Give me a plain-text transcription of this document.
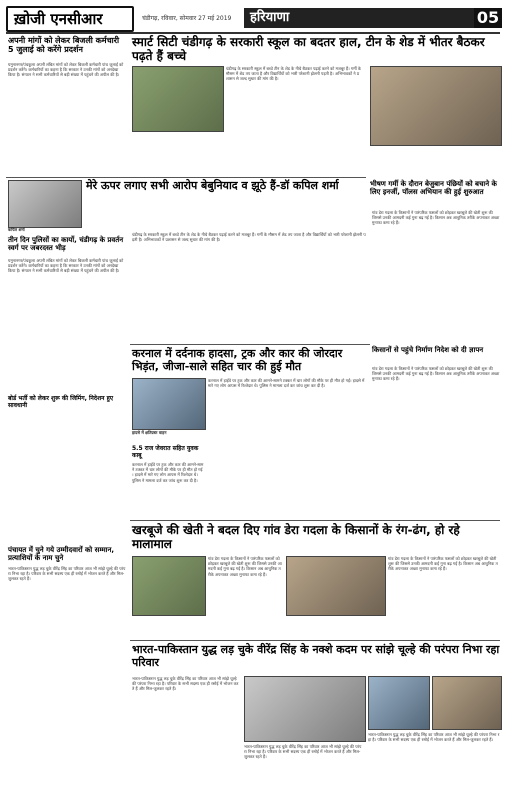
ख़ोजी एनसीआर	चंडीगढ़, रविवार, सोमवार 27 मई 2019	हरियाणा	05
अपनी मांगों को लेकर बिजली कर्मचारी 5 जुलाई को करेंगे प्रदर्शन
यमुनानगर/पंचकूला अपनी लंबित मांगों को लेकर बिजली कर्मचारी पांच जुलाई को प्रदर्शन करेंगे। कर्मचारियों का कहना है कि सरकार ने उनकी मांगों को अनदेखा किया है। संगठन ने सभी कर्मचारियों से बड़ी संख्या में पहुंचने की अपील की है।
स्मार्ट सिटी चंडीगढ़ के सरकारी स्कूल का बदतर हाल, टीन के शेड में भीतर बैठकर पढ़ते हैं बच्चे
चंडीगढ़ के सरकारी स्कूल में बच्चे टीन के शेड के नीचे बैठकर पढ़ाई करने को मजबूर हैं। गर्मी के मौसम में शेड तप जाता है और विद्यार्थियों को भारी परेशानी झेलनी पड़ती है। अभिभावकों ने प्रशासन से जल्द सुधार की मांग की है।
भीषण गर्मी के दौरान बेजुबान पंछियों को बचाने के लिए इनर्जी, पॉलस अभियान की हुई शुरुआत
मेरे ऊपर लगाए सभी आरोप बेबुनियाद व झूठे हैं-डॉ कपिल शर्मा
कपिल शर्मा
तीन दिन पुलिसों का कार्यो, चंडीगढ़ के प्रवर्तन स्वर्ग पर जबरदस्त भीड़
यमुनानगर/पंचकूला अपनी लंबित मांगों को लेकर बिजली कर्मचारी पांच जुलाई को प्रदर्शन करेंगे। कर्मचारियों का कहना है कि सरकार ने उनकी मांगों को अनदेखा किया है। संगठन ने सभी कर्मचारियों से बड़ी संख्या में पहुंचने की अपील की है।
चंडीगढ़ के सरकारी स्कूल में बच्चे टीन के शेड के नीचे बैठकर पढ़ाई करने को मजबूर हैं। गर्मी के मौसम में शेड तप जाता है और विद्यार्थियों को भारी परेशानी झेलनी पड़ती है। अभिभावकों ने प्रशासन से जल्द सुधार की मांग की है।
गांव डेरा गदला के किसानों ने पारंपरिक फसलों को छोड़कर खरबूजे की खेती शुरू की जिससे उनकी आमदनी कई गुना बढ़ गई है। किसान अब आधुनिक तरीके अपनाकर अच्छा मुनाफा कमा रहे हैं।
करनाल में दर्दनाक हादसा, ट्रक और कार की जोरदार भिड़ंत, जीजा-साले सहित चार की हुई मौत
हादसे में क्षतिग्रस्त वाहन
करनाल में हाईवे पर ट्रक और कार की आमने-सामने टक्कर में चार लोगों की मौके पर ही मौत हो गई। हादसे में मारे गए लोग आपस में रिश्तेदार थे। पुलिस ने मामला दर्ज कर जांच शुरू कर दी है।
किसानों से पहुंचे निर्माण निदेश को दी ज्ञापन
गांव डेरा गदला के किसानों ने पारंपरिक फसलों को छोड़कर खरबूजे की खेती शुरू की जिससे उनकी आमदनी कई गुना बढ़ गई है। किसान अब आधुनिक तरीके अपनाकर अच्छा मुनाफा कमा रहे हैं।
बोर्ड भर्ती को लेकर शुरू की जिमिंग, निदेशन हुए सावधानी
5.5 राज जेवरात सहित युवक काबू
करनाल में हाईवे पर ट्रक और कार की आमने-सामने टक्कर में चार लोगों की मौके पर ही मौत हो गई। हादसे में मारे गए लोग आपस में रिश्तेदार थे। पुलिस ने मामला दर्ज कर जांच शुरू कर दी है।
खरबूजे की खेती ने बदल दिए गांव डेरा गदला के किसानों के रंग-ढंग, हो रहे मालामाल
गांव डेरा गदला के किसानों ने पारंपरिक फसलों को छोड़कर खरबूजे की खेती शुरू की जिससे उनकी आमदनी कई गुना बढ़ गई है। किसान अब आधुनिक तरीके अपनाकर अच्छा मुनाफा कमा रहे हैं।
गांव डेरा गदला के किसानों ने पारंपरिक फसलों को छोड़कर खरबूजे की खेती शुरू की जिससे उनकी आमदनी कई गुना बढ़ गई है। किसान अब आधुनिक तरीके अपनाकर अच्छा मुनाफा कमा रहे हैं।
पंचायत में चुने गये उम्मीदवारों को सम्मान, प्रत्याशियों के नाम चुने
भारत-पाकिस्तान युद्ध लड़ चुके वीरेंद्र सिंह का परिवार आज भी सांझे चूल्हे की परंपरा निभा रहा है। परिवार के सभी सदस्य एक ही रसोई में भोजन करते हैं और मिल-जुलकर रहते हैं।
भारत-पाकिस्तान युद्ध लड़ चुके वीरेंद्र सिंह के नक्शे कदम पर सांझे चूल्हे की परंपरा निभा रहा परिवार
भारत-पाकिस्तान युद्ध लड़ चुके वीरेंद्र सिंह का परिवार आज भी सांझे चूल्हे की परंपरा निभा रहा है। परिवार के सभी सदस्य एक ही रसोई में भोजन करते हैं और मिल-जुलकर रहते हैं।
भारत-पाकिस्तान युद्ध लड़ चुके वीरेंद्र सिंह का परिवार आज भी सांझे चूल्हे की परंपरा निभा रहा है। परिवार के सभी सदस्य एक ही रसोई में भोजन करते हैं और मिल-जुलकर रहते हैं।
भारत-पाकिस्तान युद्ध लड़ चुके वीरेंद्र सिंह का परिवार आज भी सांझे चूल्हे की परंपरा निभा रहा है। परिवार के सभी सदस्य एक ही रसोई में भोजन करते हैं और मिल-जुलकर रहते हैं।
